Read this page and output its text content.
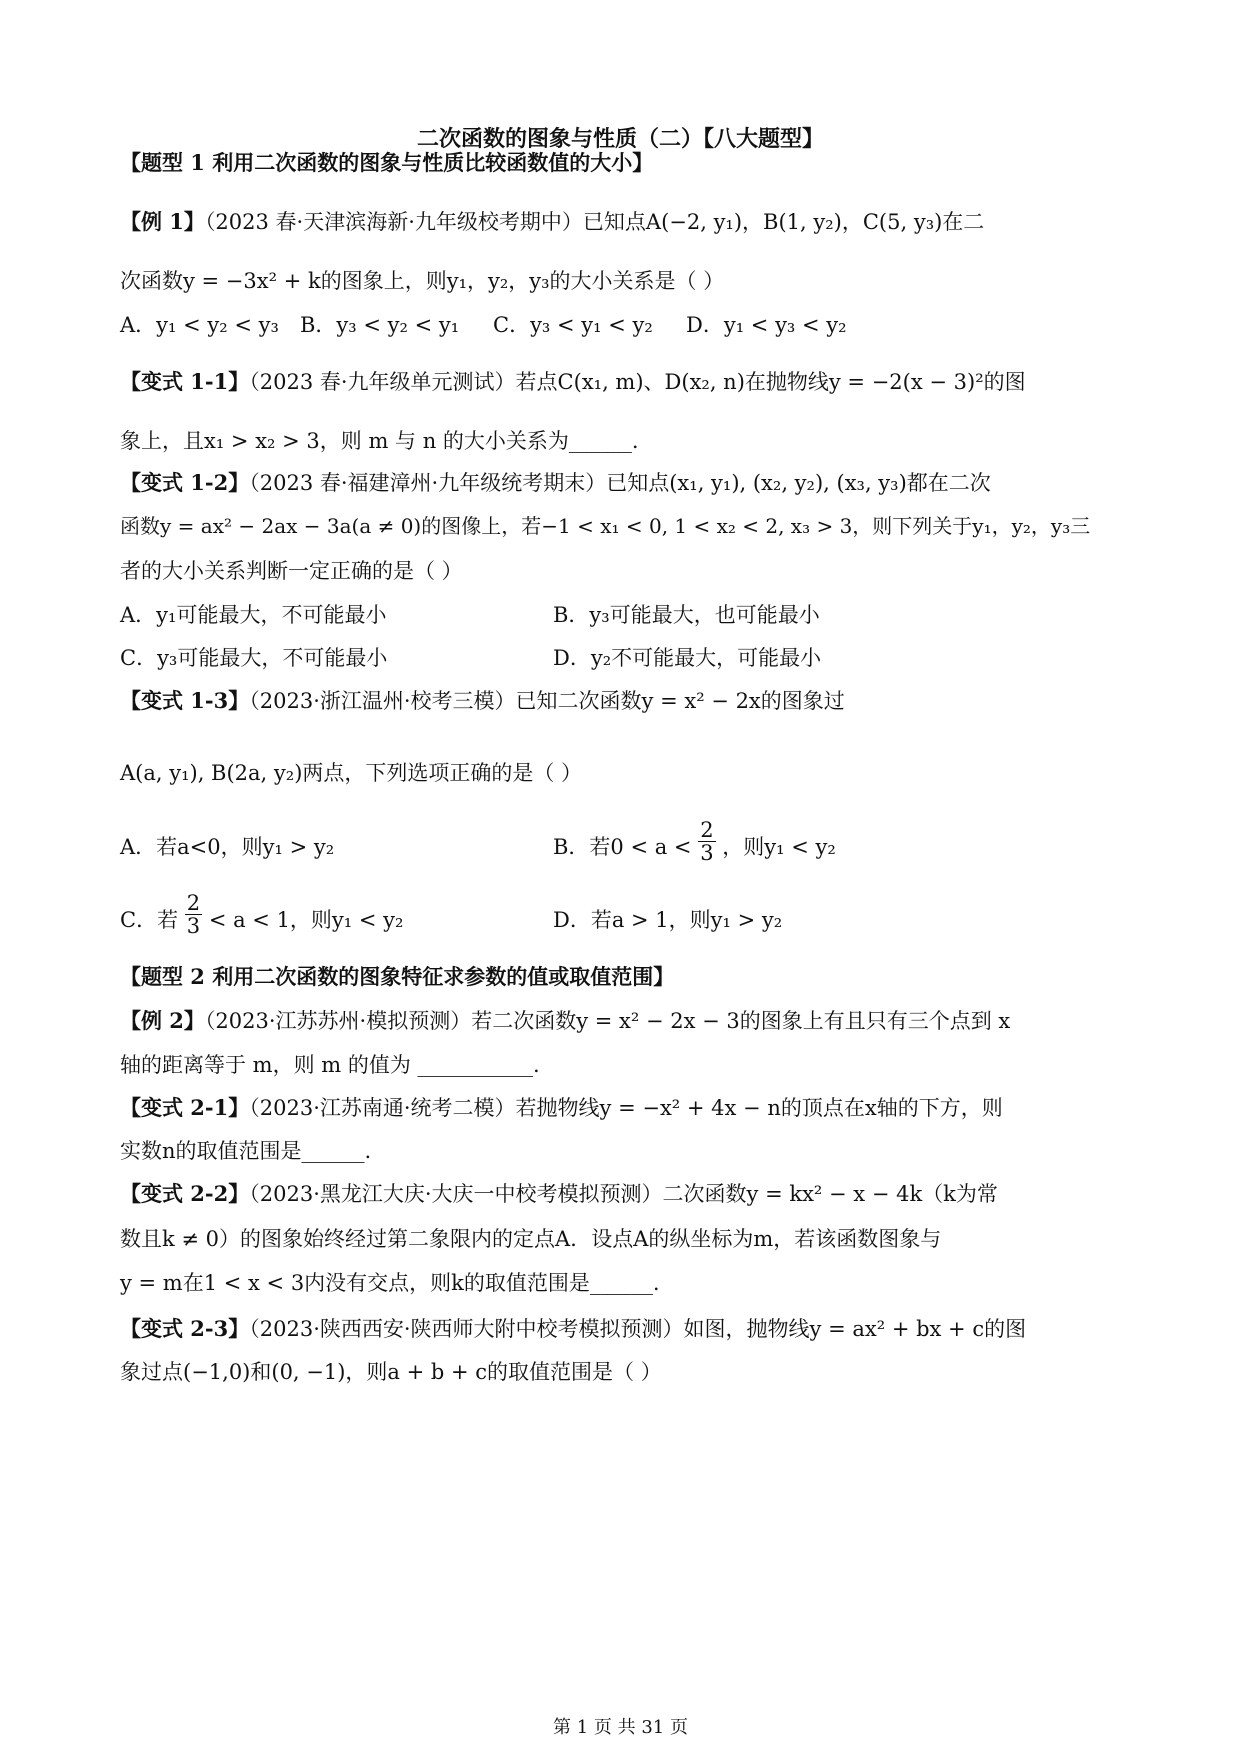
二次函数的图象与性质（二）【八大题型】
【题型 1 利用二次函数的图象与性质比较函数值的大小】
【例 1】（2023 春·天津滨海新·九年级校考期中）已知点A(−2, y₁)，B(1, y₂)，C(5, y₃)在二
次函数y = −3x² + k的图象上，则y₁，y₂，y₃的大小关系是（ ）
A．y₁ < y₂ < y₃ B．y₃ < y₂ < y₁ C．y₃ < y₁ < y₂ D．y₁ < y₃ < y₂
【变式 1-1】（2023 春·九年级单元测试）若点C(x₁, m)、D(x₂, n)在抛物线y = −2(x − 3)²的图
象上，且x₁ > x₂ > 3，则 m 与 n 的大小关系为______.
【变式 1-2】（2023 春·福建漳州·九年级统考期末）已知点(x₁, y₁), (x₂, y₂), (x₃, y₃)都在二次
函数y = ax² − 2ax − 3a(a ≠ 0)的图像上，若−1 < x₁ < 0, 1 < x₂ < 2, x₃ > 3，则下列关于y₁，y₂，y₃三
者的大小关系判断一定正确的是（ ）
A．y₁可能最大，不可能最小	B．y₃可能最大，也可能最小
C．y₃可能最大，不可能最小	D．y₂不可能最大，可能最小
【变式 1-3】（2023·浙江温州·校考三模）已知二次函数y = x² − 2x的图象过
A(a, y₁), B(2a, y₂)两点，下列选项正确的是（ ）
A．若a<0，则y₁ > y₂	B．若$0 < a < \frac{2}{3}$ ，则y₁ < y₂
C．若 $\frac{2}{3} < a < 1$，则y₁ < y₂	D．若a > 1，则y₁ > y₂
【题型 2 利用二次函数的图象特征求参数的值或取值范围】
【例 2】（2023·江苏苏州·模拟预测）若二次函数y = x² − 2x − 3的图象上有且只有三个点到 x
轴的距离等于 m，则 m 的值为 ___________.
【变式 2-1】（2023·江苏南通·统考二模）若抛物线y = −x² + 4x − n的顶点在x轴的下方，则
实数n的取值范围是______.
【变式 2-2】（2023·黑龙江大庆·大庆一中校考模拟预测）二次函数y = kx² − x − 4k（k为常
数且k ≠ 0）的图象始终经过第二象限内的定点A．设点A的纵坐标为m，若该函数图象与
y = m在1 < x < 3内没有交点，则k的取值范围是______.
【变式 2-3】（2023·陕西西安·陕西师大附中校考模拟预测）如图，抛物线y = ax² + bx + c的图
象过点(−1,0)和(0, −1)，则a + b + c的取值范围是（ ）
第 1 页 共 31 页
